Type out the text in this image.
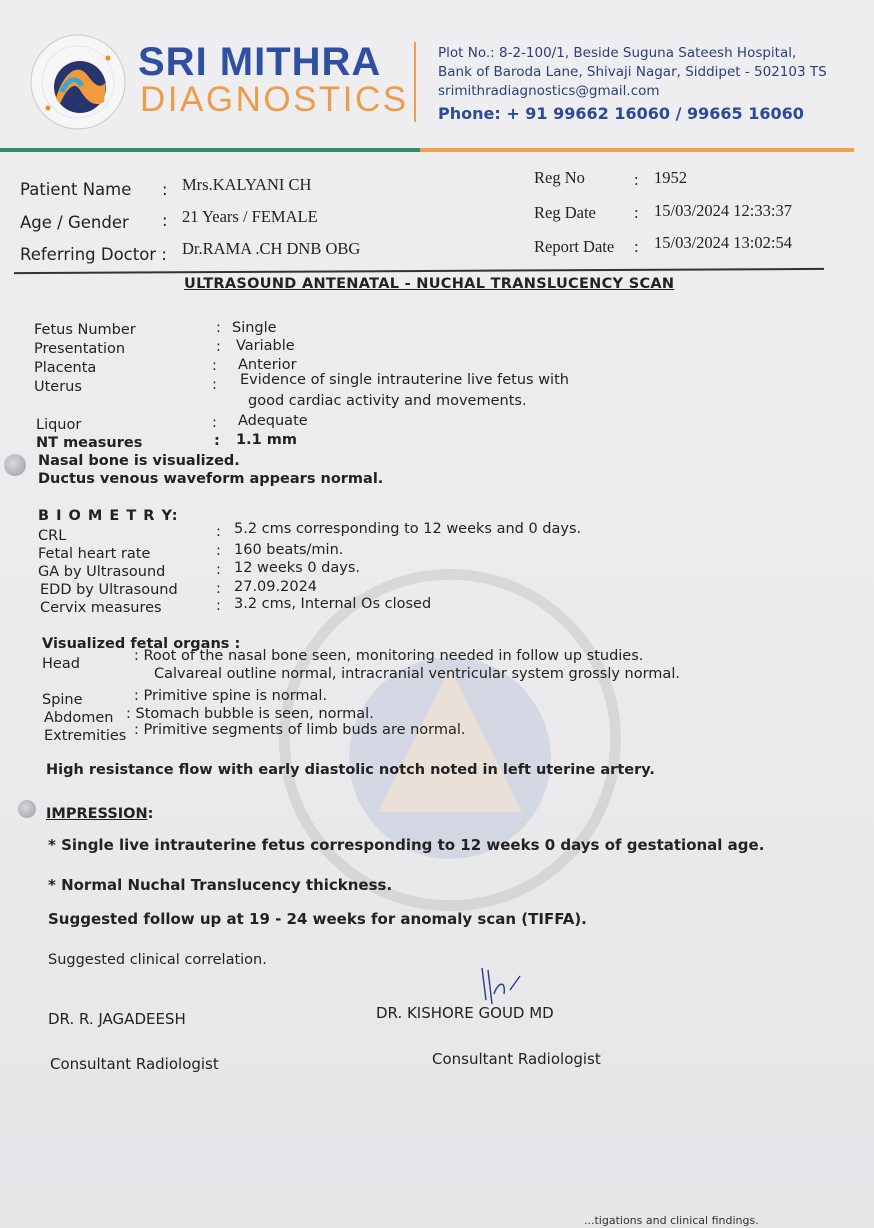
SRI MITHRA
DIAGNOSTICS
Plot No.: 8-2-100/1, Beside Suguna Sateesh Hospital,
Bank of Baroda Lane, Shivaji Nagar, Siddipet - 502103 TS
srimithradiagnostics@gmail.com
Phone: + 91 99662 16060 / 99665 16060
Patient Name : Mrs.KALYANI CH
Age / Gender : 21 Years / FEMALE
Referring Doctor : Dr.RAMA .CH DNB OBG
Reg No	: 1952
Reg Date : 15/03/2024 12:33:37
Report Date : 15/03/2024 13:02:54
ULTRASOUND ANTENATAL - NUCHAL TRANSLUCENCY SCAN
Fetus Number	: Single
Presentation	: Variable
Placenta	: Anterior
Uterus	: Evidence of single intrauterine live fetus with
good cardiac activity and movements.
Liquor	: Adequate
NT measures	: 1.1 mm
Nasal bone is visualized.
Ductus venous waveform appears normal.
B I O M E T R Y:
CRL	: 5.2 cms corresponding to 12 weeks and 0 days.
Fetal heart rate	: 160 beats/min.
GA by Ultrasound	: 12 weeks 0 days.
EDD by Ultrasound	: 27.09.2024
Cervix measures	: 3.2 cms, Internal Os closed
Visualized fetal organs :
Head	: Root of the nasal bone seen, monitoring needed in follow up studies.
Calvareal outline normal, intracranial ventricular system grossly normal.
Spine	: Primitive spine is normal.
Abdomen : Stomach bubble is seen, normal.
Extremities : Primitive segments of limb buds are normal.
High resistance flow with early diastolic notch noted in left uterine artery.
IMPRESSION:
* Single live intrauterine fetus corresponding to 12 weeks 0 days of gestational age.
* Normal Nuchal Translucency thickness.
Suggested follow up at 19 - 24 weeks for anomaly scan (TIFFA).
Suggested clinical correlation.
DR. R. JAGADEESH	DR. KISHORE GOUD MD
Consultant Radiologist	Consultant Radiologist
...tigations and clinical findings.
